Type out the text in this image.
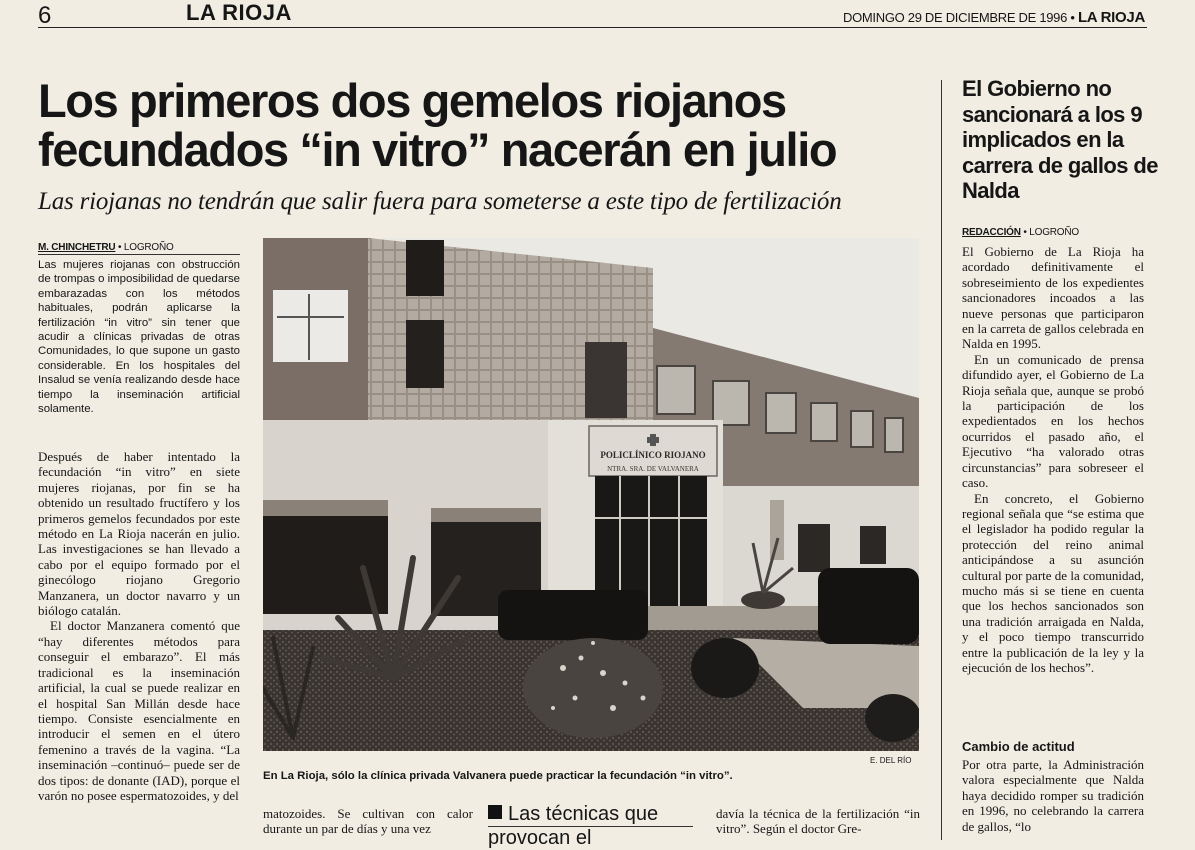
6	LA RIOJA	DOMINGO 29 DE DICIEMBRE DE 1996 • LA RIOJA
Los primeros dos gemelos riojanos fecundados “in vitro” nacerán en julio

Las riojanas no tendrán que salir fuera para someterse a este tipo de fertilización

M. CHINCHETRU • LOGROÑO
Las mujeres riojanas con obstrucción de trompas o imposibilidad de quedarse embarazadas con los métodos habituales, podrán aplicarse la fertilización “in vitro” sin tener que acudir a clínicas privadas de otras Comunidades, lo que supone un gasto considerable. En los hospitales del Insalud se venía realizando desde hace tiempo la inseminación artificial solamente.

Después de haber intentado la fecundación “in vitro” en siete mujeres riojanas, por fin se ha obtenido un resultado fructífero y los primeros gemelos fecundados por este método en La Rioja nacerán en julio. Las investigaciones se han llevado a cabo por el equipo formado por el ginecólogo riojano Gregorio Manzanera, un doctor navarro y un biólogo catalán.

El doctor Manzanera comentó que “hay diferentes métodos para conseguir el embarazo”. El más tradicional es la inseminación artificial, la cual se puede realizar en el hospital San Millán desde hace tiempo. Consiste esencialmente en introducir el semen en el útero femenino a través de la vagina. “La inseminación –continuó– puede ser de dos tipos: de donante (IAD), porque el varón no posee espermatozoides, y del

POLICLÍNICO RIOJANO
NTRA. SRA. DE VALVANERA
E. DEL RÍO
En La Rioja, sólo la clínica privada Valvanera puede practicar la fecundación “in vitro”.
matozoides. Se cultivan con calor durante un par de días y una vez
Las técnicas que provocan el
davía la técnica de la fertilización “in vitro”. Según el doctor Gre-
El Gobierno no sancionará a los 9 implicados en la carrera de gallos de Nalda
REDACCIÓN • LOGROÑO

El Gobierno de La Rioja ha acordado definitivamente el sobreseimiento de los expedientes sancionadores incoados a las nueve personas que participaron en la carreta de gallos celebrada en Nalda en 1995.

En un comunicado de prensa difundido ayer, el Gobierno de La Rioja señala que, aunque se probó la participación de los expedientados en los hechos ocurridos el pasado año, el Ejecutivo “ha valorado otras circunstancias” para sobreseer el caso.

En concreto, el Gobierno regional señala que “se estima que el legislador ha podido regular la protección del reino animal anticipándose a su asunción cultural por parte de la comunidad, mucho más si se tiene en cuenta que los hechos sancionados son una tradición arraigada en Nalda, y el poco tiempo transcurrido entre la publicación de la ley y la ejecución de los hechos”.

Cambio de actitud
Por otra parte, la Administración valora especialmente que Nalda haya decidido romper su tradición en 1996, no celebrando la carrera de gallos, “lo
